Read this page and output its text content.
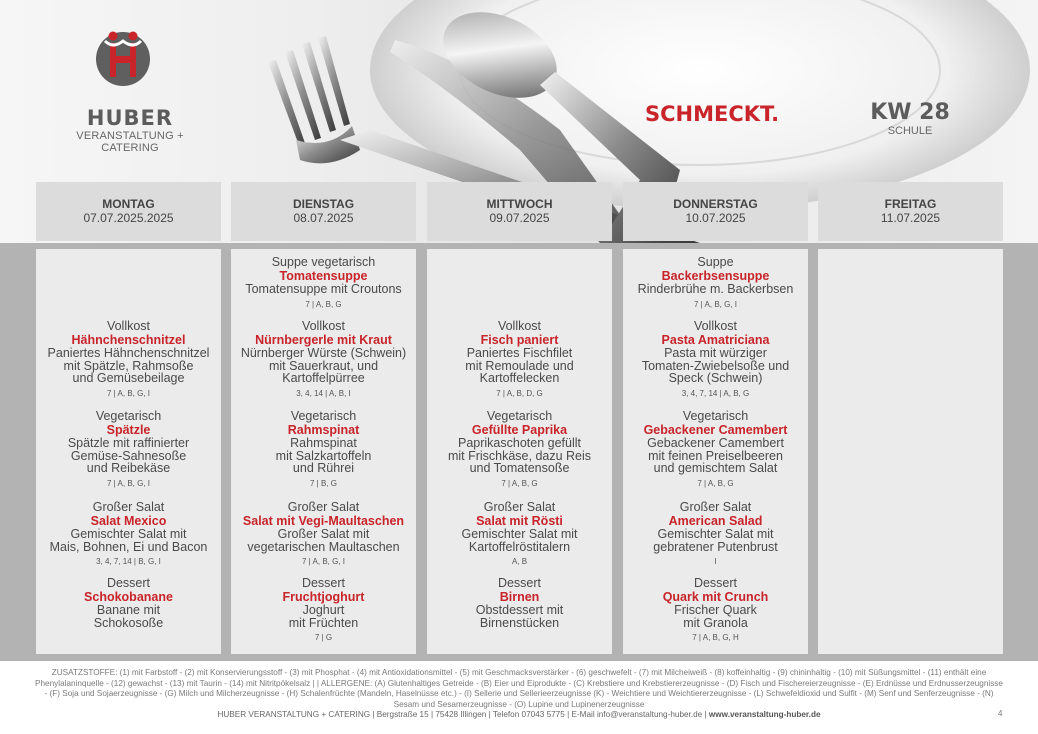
HUBER
VERANSTALTUNG + CATERING
SCHMECKT.	KW 28
SCHULE
MONTAG
07.07.2025.2025
Vollkost
Hähnchenschnitzel
Paniertes Hähnchenschnitzel
mit Spätzle, Rahmsoße
und Gemüsebeilage
7 | A, B, G, I
Vegetarisch
Spätzle
Spätzle mit raffinierter
Gemüse-Sahnesoße
und Reibekäse
7 | A, B, G, I
Großer Salat
Salat Mexico
Gemischter Salat mit
Mais, Bohnen, Ei und Bacon
3, 4, 7, 14 | B, G, I
Dessert
Schokobanane
Banane mit
Schokosoße
DIENSTAG
08.07.2025
Suppe vegetarisch
Tomatensuppe
Tomatensuppe mit Croutons
7 | A, B, G
Vollkost
Nürnbergerle mit Kraut
Nürnberger Würste (Schwein)
mit Sauerkraut, und
Kartoffelpürree
3, 4, 14 | A, B, I
Vegetarisch
Rahmspinat
Rahmspinat
mit Salzkartoffeln
und Rührei
7 | B, G
Großer Salat
Salat mit Vegi-Maultaschen
Großer Salat mit
vegetarischen Maultaschen
7 | A, B, G, I
Dessert
Fruchtjoghurt
Joghurt
mit Früchten
7 | G
MITTWOCH
09.07.2025
Vollkost
Fisch paniert
Paniertes Fischfilet
mit Remoulade und
Kartoffelecken
7 | A, B, D, G
Vegetarisch
Gefüllte Paprika
Paprikaschoten gefüllt
mit Frischkäse, dazu Reis
und Tomatensoße
7 | A, B, G
Großer Salat
Salat mit Rösti
Gemischter Salat mit
Kartoffelröstitalern
A, B
Dessert
Birnen
Obstdessert mit
Birnenstücken
DONNERSTAG
10.07.2025
Suppe
Backerbsensuppe
Rinderbrühe m. Backerbsen
7 | A, B, G, I
Vollkost
Pasta Amatriciana
Pasta mit würziger
Tomaten-Zwiebelsoße und
Speck (Schwein)
3, 4, 7, 14 | A, B, G
Vegetarisch
Gebackener Camembert
Gebackener Camembert
mit feinen Preiselbeeren
und gemischtem Salat
7 | A, B, G
Großer Salat
American Salad
Gemischter Salat mit
gebratener Putenbrust
I
Dessert
Quark mit Crunch
Frischer Quark
mit Granola
7 | A, B, G, H
FREITAG
11.07.2025
ZUSATZSTOFFE: (1) mit Farbstoff - (2) mit Konservierungsstoff - (3) mit Phosphat - (4) mit Antioxidationsmittel - (5) mit Geschmacksverstärker - (6) geschwefelt - (7) mit Milcheiweiß - (8) koffeinhaltig - (9) chininhaltig - (10) mit Süßungsmittel - (11) enthält eine Phenylalaninquelle - (12) gewachst - (13) mit Taurin - (14) mit Nitritpökelsalz | | ALLERGENE: (A) Glutenhaltiges Getreide - (B) Eier und Eiprodukte - (C) Krebstiere und Krebstiererzeugnisse - (D) Fisch und Fischereierzeugnisse - (E) Erdnüsse und Erdnusserzeugnisse - (F) Soja und Sojaerzeugnisse - (G) Milch und Milcherzeugnisse - (H) Schalenfrüchte (Mandeln, Haselnüsse etc.) - (I) Sellerie und Sellerieerzeugnisse (K) - Weichtiere und Weichtiererzeugnisse - (L) Schwefeldioxid und Sulfit - (M) Senf und Senferzeugnisse - (N) Sesam und Sesamerzeugnisse - (O) Lupine und Lupinenerzeugnisse
HUBER VERANSTALTUNG + CATERING | Bergstraße 15 | 75428 Illingen | Telefon 07043 5775 | E-Mail info@veranstaltung-huber.de | www.veranstaltung-huber.de	4
